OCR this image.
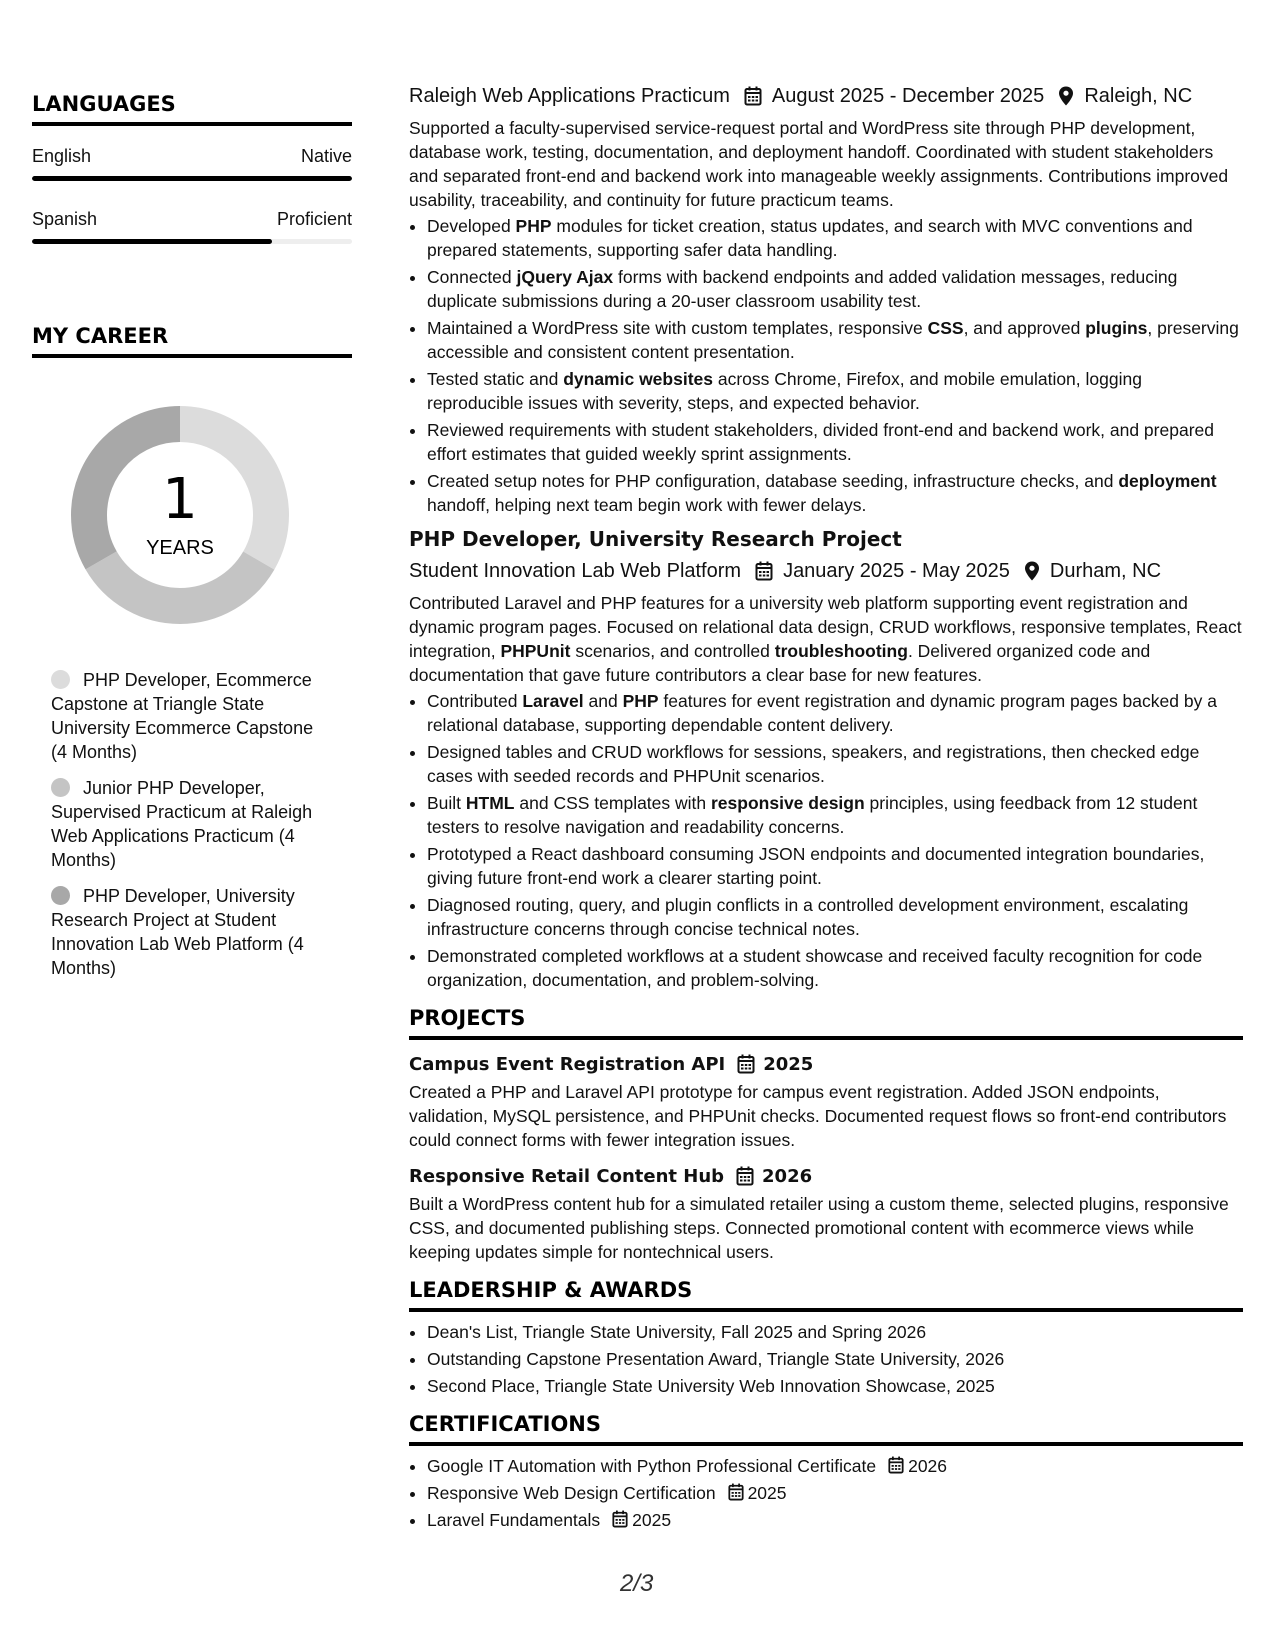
LANGUAGES
English	Native
Spanish	Proficient
MY CAREER
1
YEARS
PHP Developer, Ecommerce Capstone at Triangle State University Ecommerce Capstone (4 Months)
Junior PHP Developer, Supervised Practicum at Raleigh Web Applications Practicum (4 Months)
PHP Developer, University Research Project at Student Innovation Lab Web Platform (4 Months)
Raleigh Web Applications Practicum August 2025 - December 2025 Raleigh, NC

Supported a faculty-supervised service-request portal and WordPress site through PHP development, database work, testing, documentation, and deployment handoff. Coordinated with student stakeholders and separated front-end and backend work into manageable weekly assignments. Contributions improved usability, traceability, and continuity for future practicum teams.

• Developed PHP modules for ticket creation, status updates, and search with MVC conventions and prepared statements, supporting safer data handling.
• Connected jQuery Ajax forms with backend endpoints and added validation messages, reducing duplicate submissions during a 20-user classroom usability test.
• Maintained a WordPress site with custom templates, responsive CSS, and approved plugins, preserving accessible and consistent content presentation.
• Tested static and dynamic websites across Chrome, Firefox, and mobile emulation, logging reproducible issues with severity, steps, and expected behavior.
• Reviewed requirements with student stakeholders, divided front-end and backend work, and prepared effort estimates that guided weekly sprint assignments.
• Created setup notes for PHP configuration, database seeding, infrastructure checks, and deployment handoff, helping next team begin work with fewer delays.
PHP Developer, University Research Project
Student Innovation Lab Web Platform January 2025 - May 2025 Durham, NC

Contributed Laravel and PHP features for a university web platform supporting event registration and dynamic program pages. Focused on relational data design, CRUD workflows, responsive templates, React integration, PHPUnit scenarios, and controlled troubleshooting. Delivered organized code and documentation that gave future contributors a clear base for new features.

• Contributed Laravel and PHP features for event registration and dynamic program pages backed by a relational database, supporting dependable content delivery.
• Designed tables and CRUD workflows for sessions, speakers, and registrations, then checked edge cases with seeded records and PHPUnit scenarios.
• Built HTML and CSS templates with responsive design principles, using feedback from 12 student testers to resolve navigation and readability concerns.
• Prototyped a React dashboard consuming JSON endpoints and documented integration boundaries, giving future front-end work a clearer starting point.
• Diagnosed routing, query, and plugin conflicts in a controlled development environment, escalating infrastructure concerns through concise technical notes.
• Demonstrated completed workflows at a student showcase and received faculty recognition for code organization, documentation, and problem-solving.
PROJECTS
Campus Event Registration API 2025

Created a PHP and Laravel API prototype for campus event registration. Added JSON endpoints, validation, MySQL persistence, and PHPUnit checks. Documented request flows so front-end contributors could connect forms with fewer integration issues.

Responsive Retail Content Hub 2026

Built a WordPress content hub for a simulated retailer using a custom theme, selected plugins, responsive CSS, and documented publishing steps. Connected promotional content with ecommerce views while keeping updates simple for nontechnical users.

LEADERSHIP & AWARDS
• Dean's List, Triangle State University, Fall 2025 and Spring 2026
• Outstanding Capstone Presentation Award, Triangle State University, 2026
• Second Place, Triangle State University Web Innovation Showcase, 2025
CERTIFICATIONS
• Google IT Automation with Python Professional Certificate 2026
• Responsive Web Design Certification 2025
• Laravel Fundamentals 2025
2/3
